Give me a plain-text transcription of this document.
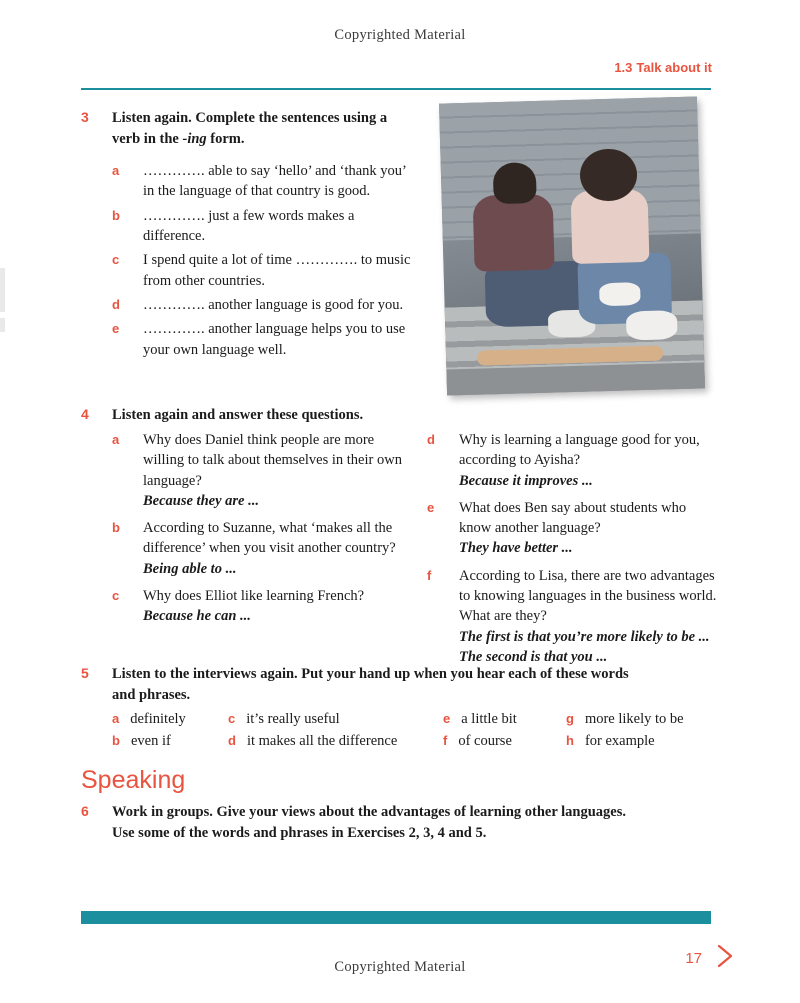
Copyrighted Material
1.3 Talk about it
3 Listen again. Complete the sentences using a verb in the -ing form.
a	…………. able to say ‘hello’ and ‘thank you’ in the language of that country is good.
b	…………. just a few words makes a difference.
c	I spend quite a lot of time …………. to music from other countries.
d	…………. another language is good for you.
e	…………. another language helps you to use your own language well.
4 Listen again and answer these questions.
a	Why does Daniel think people are more willing to talk about themselves in their own language?
Because they are ...
b	According to Suzanne, what ‘makes all the difference’ when you visit another country?
Being able to ...
c	Why does Elliot like learning French?
Because he can ...
d	Why is learning a language good for you, according to Ayisha?
Because it improves ...
e	What does Ben say about students who know another language?
They have better ...
f	According to Lisa, there are two advantages to knowing languages in the business world. What are they?
The first is that you’re more likely to be ... The second is that you ...
5 Listen to the interviews again. Put your hand up when you hear each of these words and phrases.
a definitely	c it’s really useful	e a little bit	g more likely to be
b even if	d it makes all the difference	f of course	h for example
Speaking
6 Work in groups. Give your views about the advantages of learning other languages. Use some of the words and phrases in Exercises 2, 3, 4 and 5.
Copyrighted Material	17
